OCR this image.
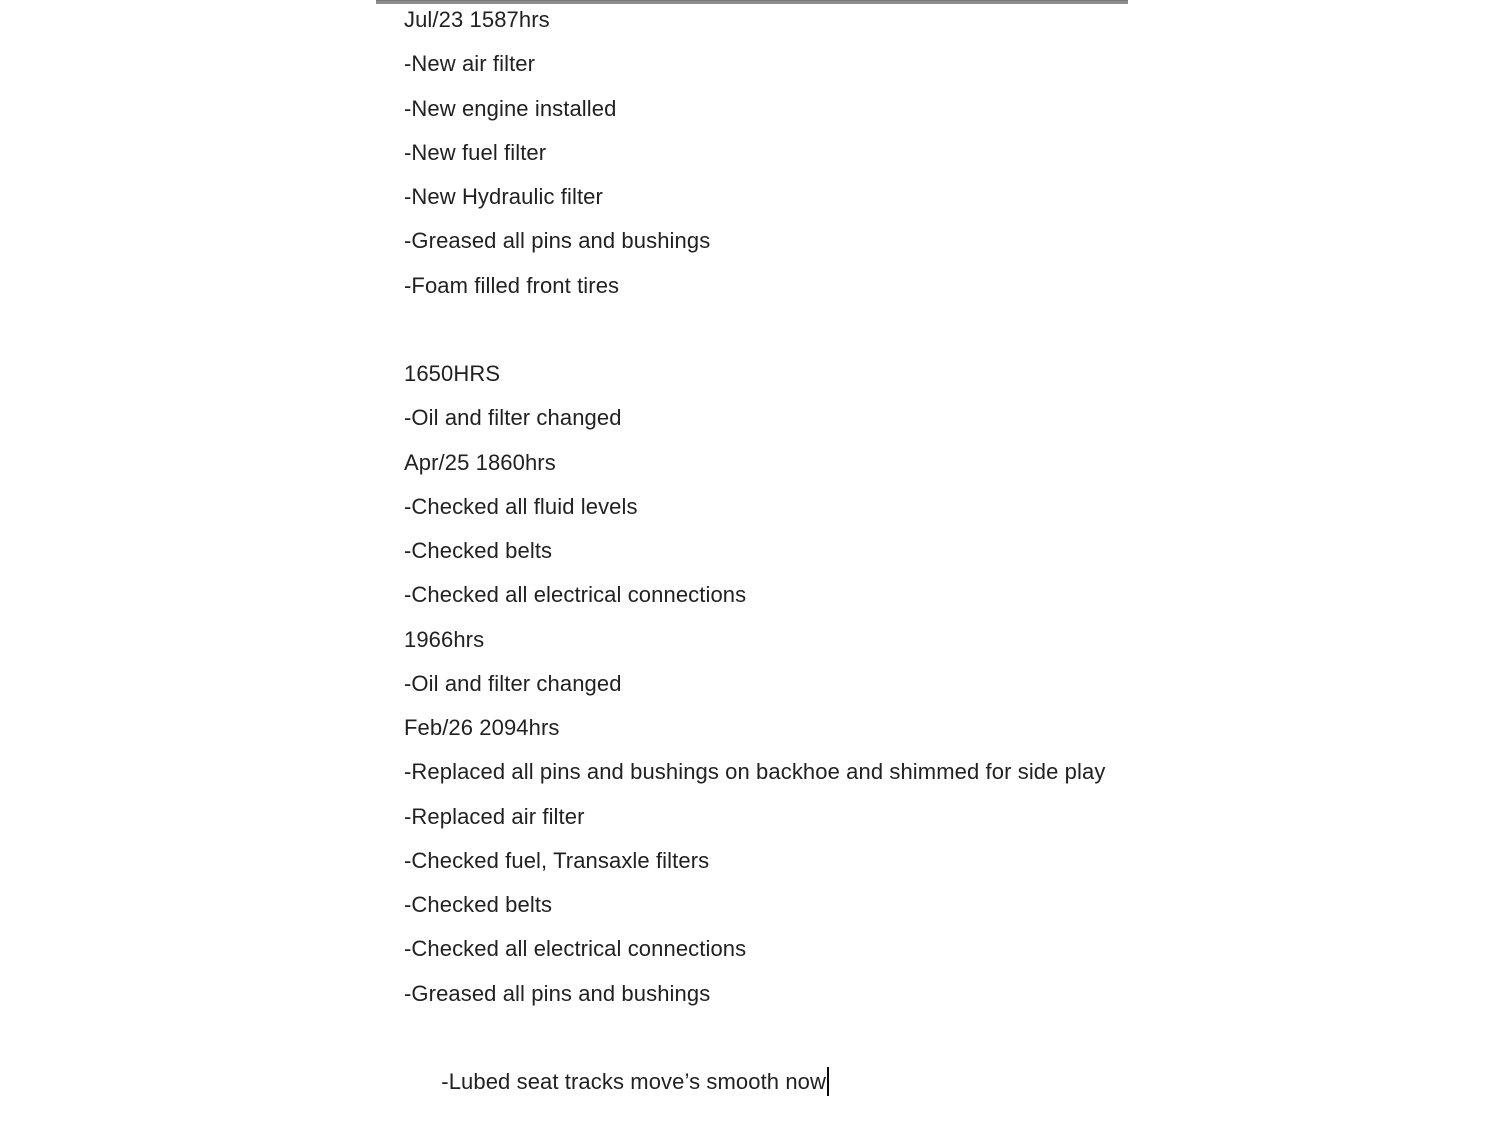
Jul/23 1587hrs
-New air filter
-New engine installed
-New fuel filter
-New Hydraulic filter
-Greased all pins and bushings
-Foam filled front tires
1650HRS
-Oil and filter changed
Apr/25 1860hrs
-Checked all fluid levels
-Checked belts
-Checked all electrical connections
1966hrs
-Oil and filter changed
Feb/26 2094hrs
-Replaced all pins and bushings on backhoe and shimmed for side play
-Replaced air filter
-Checked fuel, Transaxle filters
-Checked belts
-Checked all electrical connections
-Greased all pins and bushings

-Lubed seat tracks move’s smooth now
